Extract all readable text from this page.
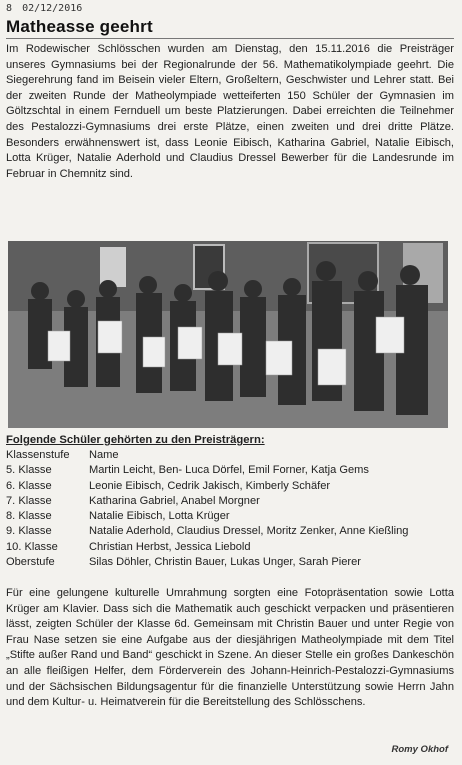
8 02/12/2016
Matheasse geehrt

Im Rodewischer Schlösschen wurden am Dienstag, den 15.11.2016 die Preisträger unseres Gymnasiums bei der Regionalrunde der 56. Mathematikolympiade geehrt. Die Siegerehrung fand im Beisein vieler Eltern, Großeltern, Geschwister und Lehrer statt. Bei der zweiten Runde der Matheolympiade wetteiferten 150 Schüler der Gymnasien im Göltzschtal in einem Fernduell um beste Platzierungen. Dabei erreichten die Teilnehmer des Pestalozzi-Gymnasiums drei erste Plätze, einen zweiten und drei dritte Plätze. Besonders erwähnenswert ist, dass Leonie Eibisch, Katharina Gabriel, Natalie Eibisch, Lotta Krüger, Natalie Aderhold und Claudius Dressel Bewerber für die Landesrunde im Februar in Chemnitz sind.

Folgende Schüler gehörten zu den Preisträgern:
Klassenstufe	Name
5. Klasse	Martin Leicht, Ben- Luca Dörfel, Emil Forner, Katja Gems
6. Klasse	Leonie Eibisch, Cedrik Jakisch, Kimberly Schäfer
7. Klasse	Katharina Gabriel, Anabel Morgner
8. Klasse	Natalie Eibisch, Lotta Krüger
9. Klasse	Natalie Aderhold, Claudius Dressel, Moritz Zenker, Anne Kießling
10. Klasse	Christian Herbst, Jessica Liebold
Oberstufe	Silas Döhler, Christin Bauer, Lukas Unger, Sarah Pierer

Für eine gelungene kulturelle Umrahmung sorgten eine Fotopräsentation sowie Lotta Krüger am Klavier. Dass sich die Mathematik auch geschickt verpacken und präsentieren lässt, zeigten Schüler der Klasse 6d. Gemeinsam mit Christin Bauer und unter Regie von Frau Nase setzen sie eine Aufgabe aus der diesjährigen Matheolympiade mit dem Titel „Stifte außer Rand und Band“ geschickt in Szene. An dieser Stelle ein großes Dankeschön an alle fleißigen Helfer, dem Förderverein des Johann-Heinrich-Pestalozzi-Gymnasiums und der Sächsischen Bildungsagentur für die finanzielle Unterstützung sowie Herrn Jahn und dem Kultur- u. Heimatverein für die Bereitstellung des Schlösschens.

Romy Okhof
